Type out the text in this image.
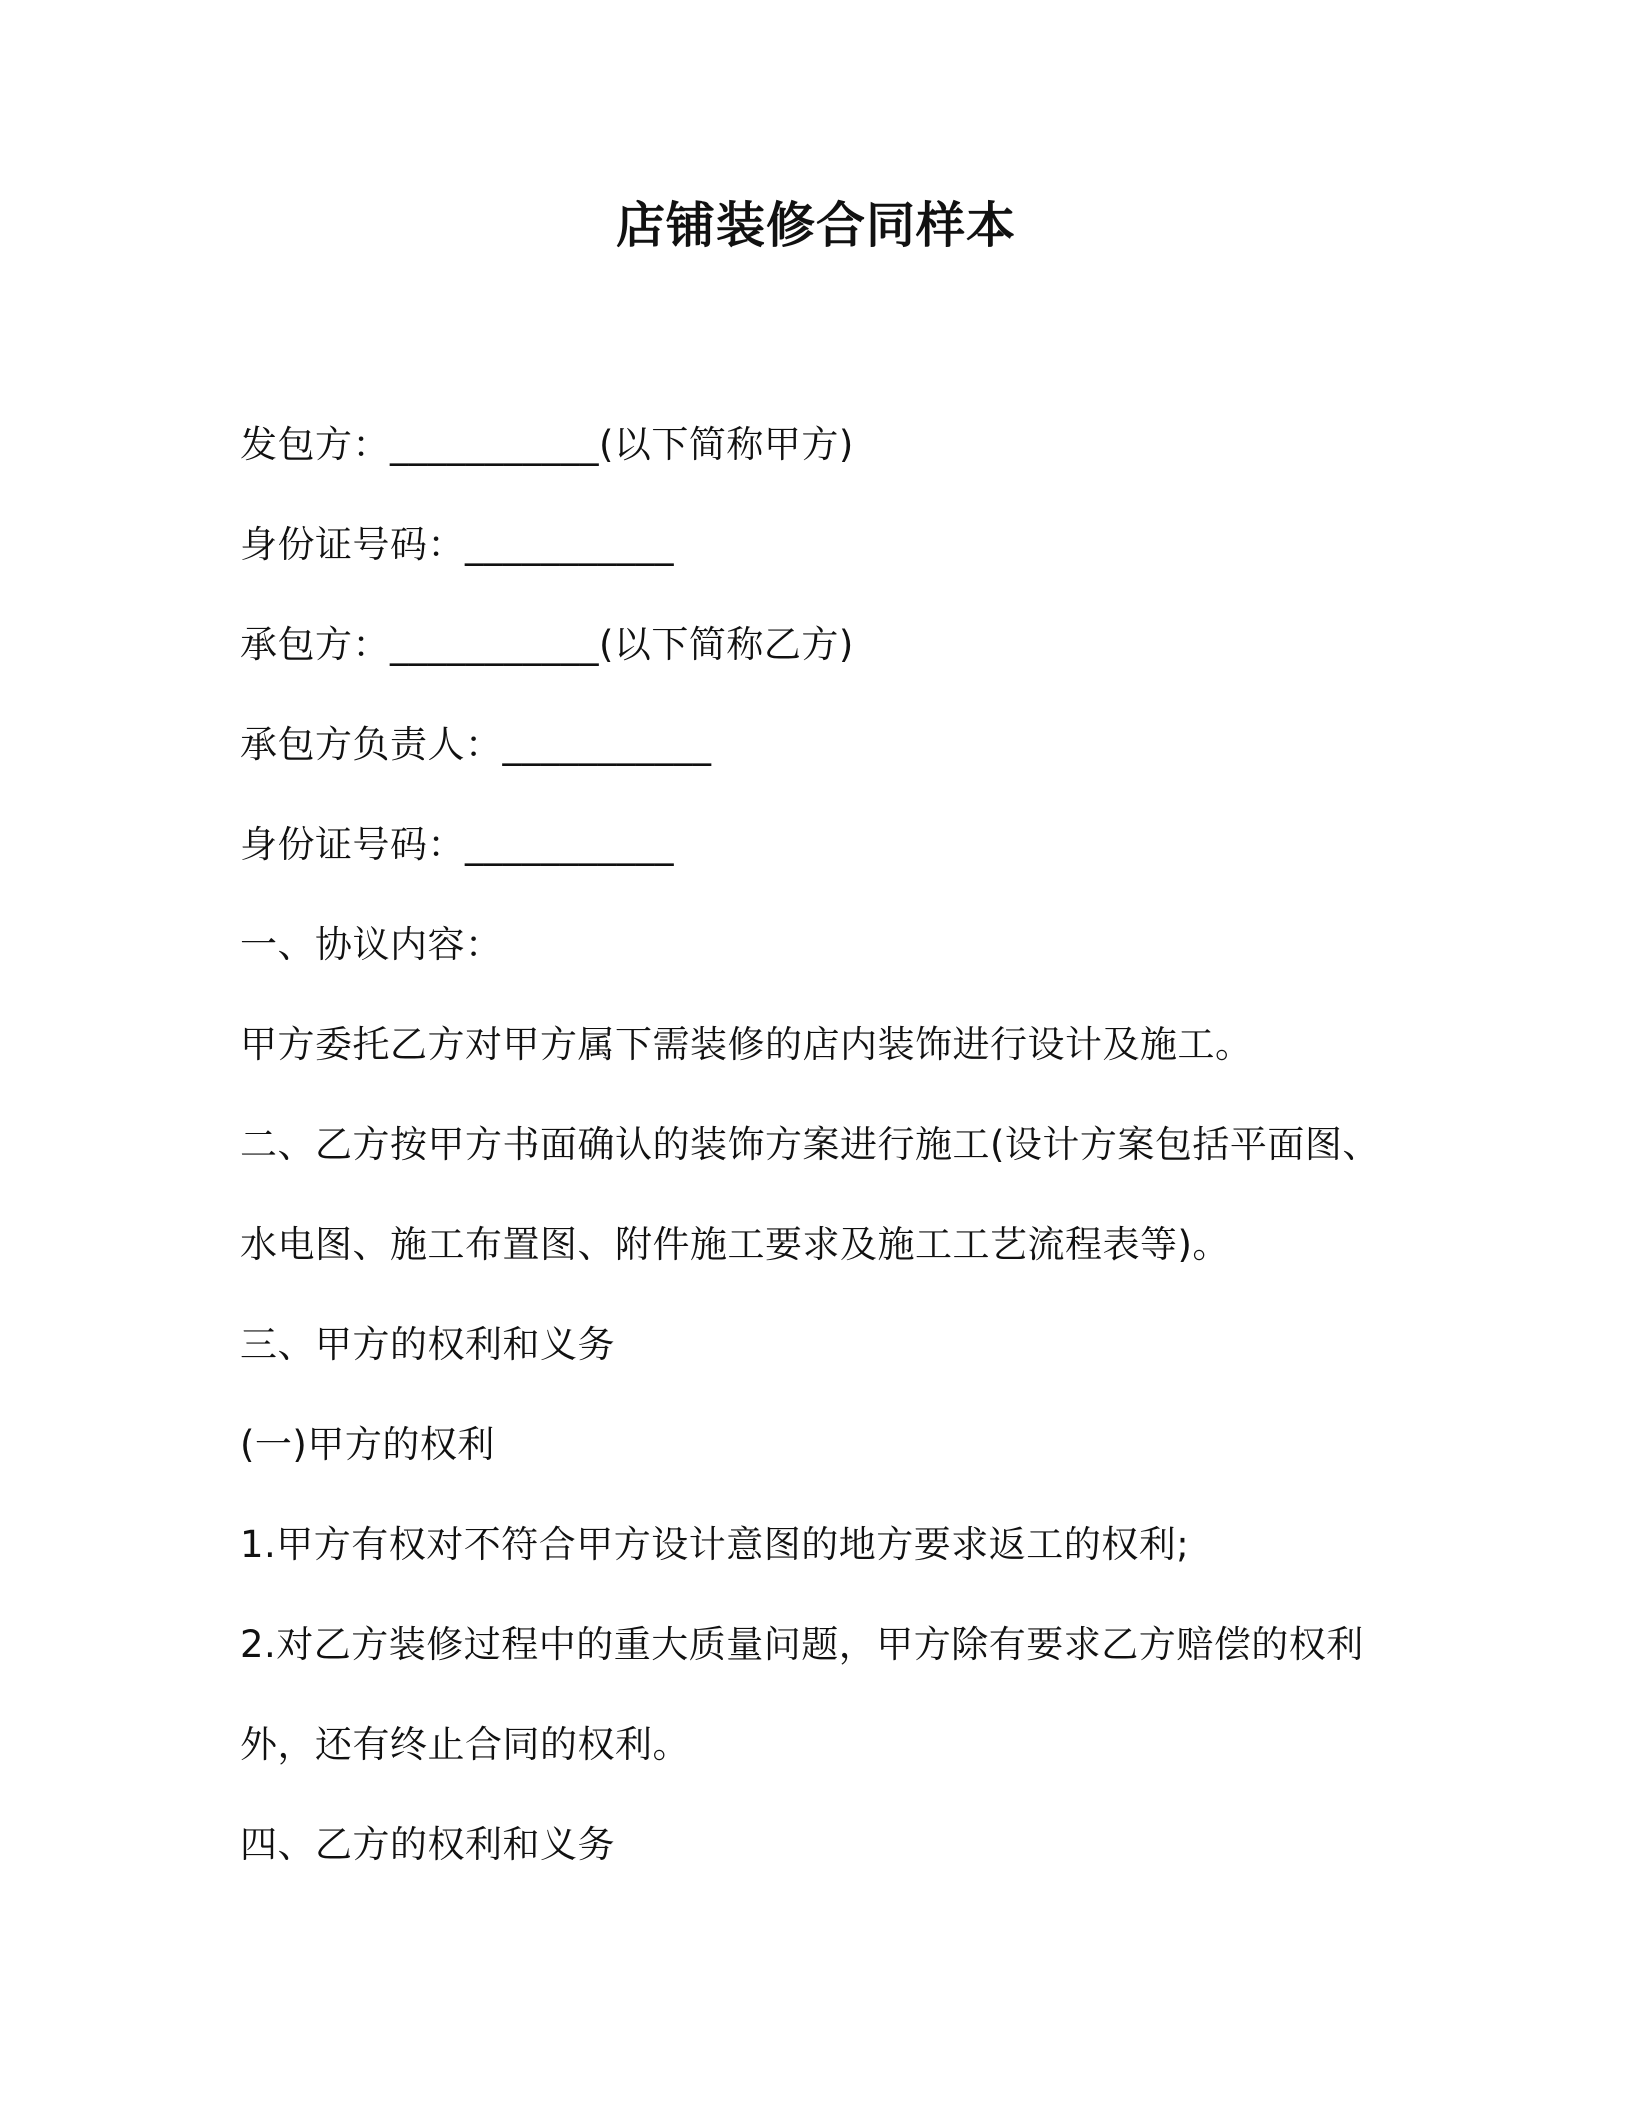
店铺装修合同样本
发包方：___________(以下简称甲方)
身份证号码：___________
承包方：___________(以下简称乙方)
承包方负责人：___________
身份证号码：___________
一、协议内容：
甲方委托乙方对甲方属下需装修的店内装饰进行设计及施工。
二、乙方按甲方书面确认的装饰方案进行施工(设计方案包括平面图、
水电图、施工布置图、附件施工要求及施工工艺流程表等)。
三、甲方的权利和义务
(一)甲方的权利
1.甲方有权对不符合甲方设计意图的地方要求返工的权利;
2.对乙方装修过程中的重大质量问题，甲方除有要求乙方赔偿的权利
外，还有终止合同的权利。
四、乙方的权利和义务
